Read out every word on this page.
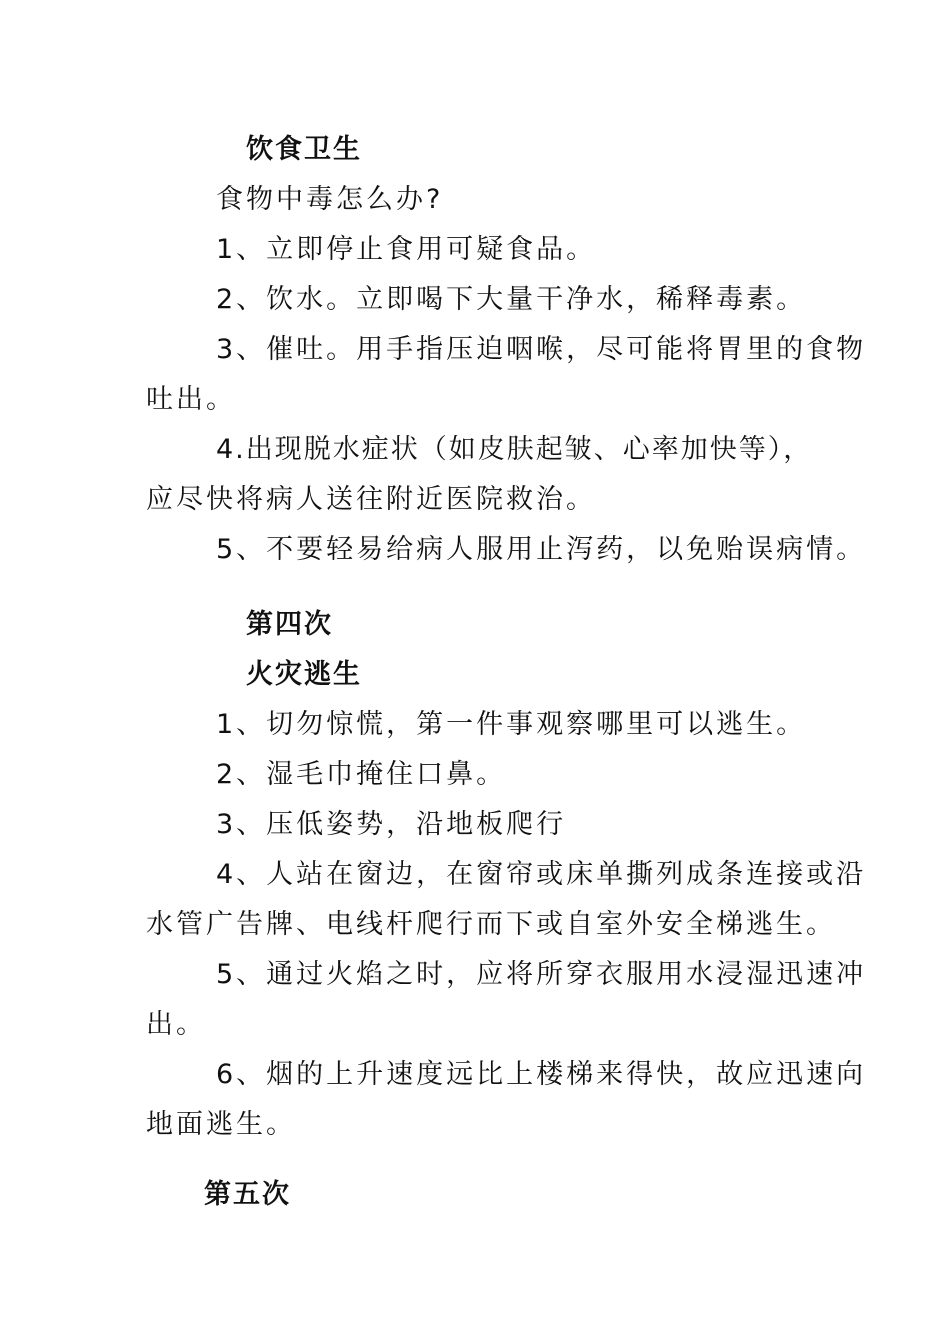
饮食卫生
食物中毒怎么办?
1、立即停止食用可疑食品。
2、饮水。立即喝下大量干净水，稀释毒素。
3、催吐。用手指压迫咽喉，尽可能将胃里的食物
吐出。
4.出现脱水症状（如皮肤起皱、心率加快等），
应尽快将病人送往附近医院救治。
5、不要轻易给病人服用止泻药，以免贻误病情。
第四次
火灾逃生
1、切勿惊慌，第一件事观察哪里可以逃生。
2、湿毛巾掩住口鼻。
3、压低姿势，沿地板爬行
4、人站在窗边，在窗帘或床单撕列成条连接或沿
水管广告牌、电线杆爬行而下或自室外安全梯逃生。
5、通过火焰之时，应将所穿衣服用水浸湿迅速冲
出。
6、烟的上升速度远比上楼梯来得快，故应迅速向
地面逃生。
第五次
